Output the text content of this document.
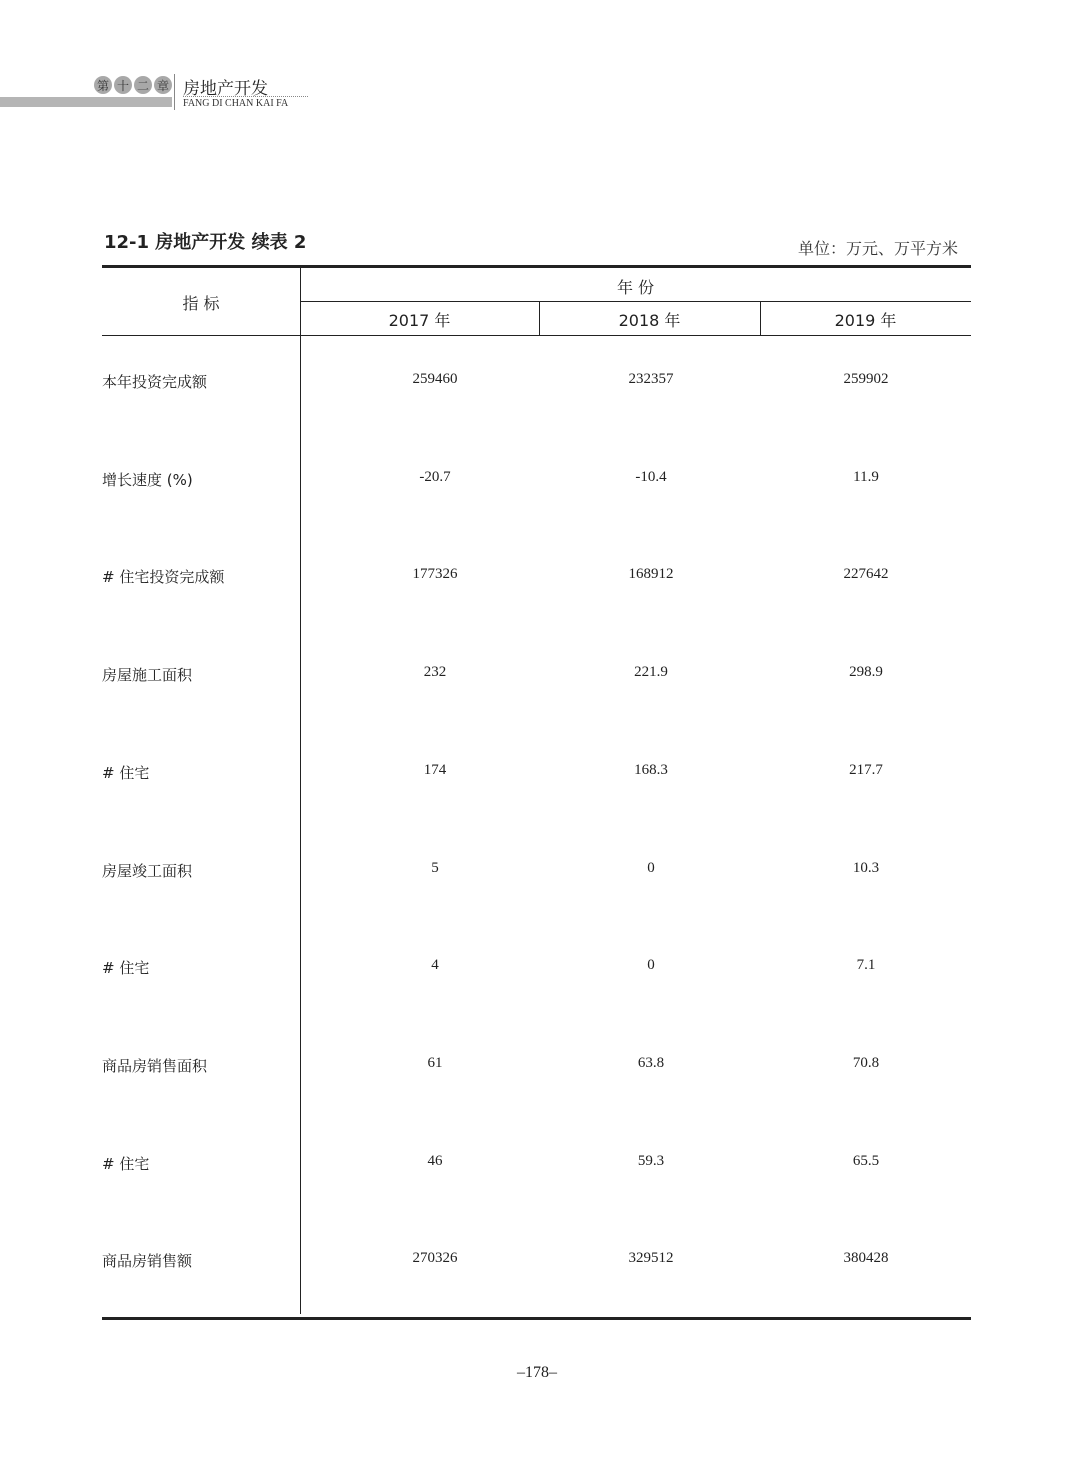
第 十 二 章 房地产开发
FANG DI CHAN KAI FA
12-1 房地产开发 续表 2	单位：万元、万平方米
指 标
年 份
2017 年	2018 年	2019 年
本年投资完成额	259460	232357	259902
增长速度 (%)	-20.7	-10.4	11.9
# 住宅投资完成额	177326	168912	227642
房屋施工面积	232	221.9	298.9
# 住宅	174	168.3	217.7
房屋竣工面积	5	0	10.3
# 住宅	4	0	7.1
商品房销售面积	61	63.8	70.8
# 住宅	46	59.3	65.5
商品房销售额	270326	329512	380428
–178–
